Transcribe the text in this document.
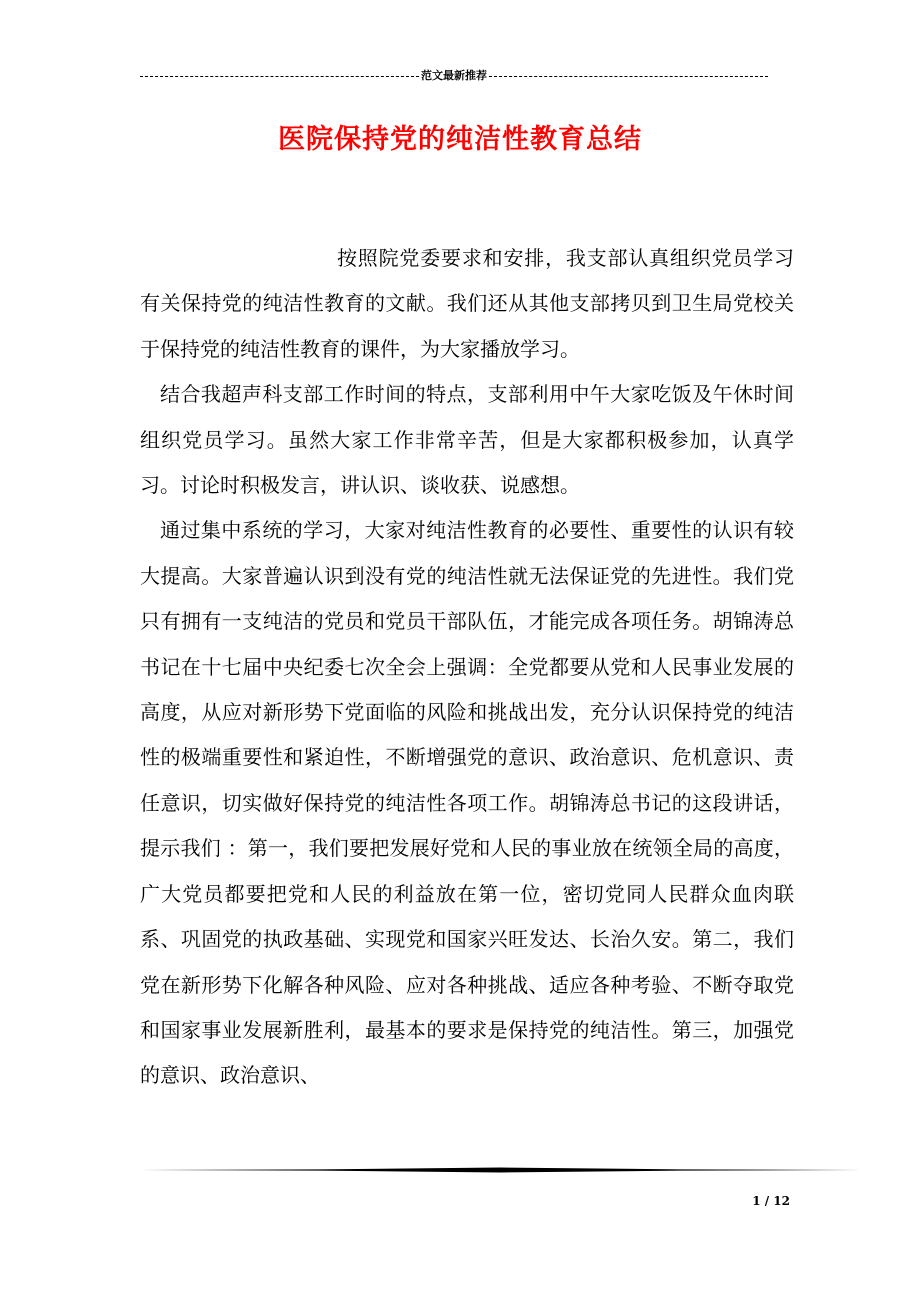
范文最新推荐
医院保持党的纯洁性教育总结

按照院党委要求和安排，我支部认真组织党员学习有关保持党的纯洁性教育的文献。我们还从其他支部拷贝到卫生局党校关于保持党的纯洁性教育的课件，为大家播放学习。

结合我超声科支部工作时间的特点，支部利用中午大家吃饭及午休时间组织党员学习。虽然大家工作非常辛苦，但是大家都积极参加，认真学习。讨论时积极发言，讲认识、谈收获、说感想。

通过集中系统的学习，大家对纯洁性教育的必要性、重要性的认识有较大提高。大家普遍认识到没有党的纯洁性就无法保证党的先进性。我们党只有拥有一支纯洁的党员和党员干部队伍，才能完成各项任务。胡锦涛总书记在十七届中央纪委七次全会上强调：全党都要从党和人民事业发展的高度，从应对新形势下党面临的风险和挑战出发，充分认识保持党的纯洁性的极端重要性和紧迫性，不断增强党的意识、政治意识、危机意识、责任意识，切实做好保持党的纯洁性各项工作。胡锦涛总书记的这段讲话，提示我们 ：第一，我们要把发展好党和人民的事业放在统领全局的高度，广大党员都要把党和人民的利益放在第一位，密切党同人民群众血肉联系、巩固党的执政基础、实现党和国家兴旺发达、长治久安。第二，我们党在新形势下化解各种风险、应对各种挑战、适应各种考验、不断夺取党和国家事业发展新胜利，最基本的要求是保持党的纯洁性。第三，加强党的意识、政治意识、

1 / 12
